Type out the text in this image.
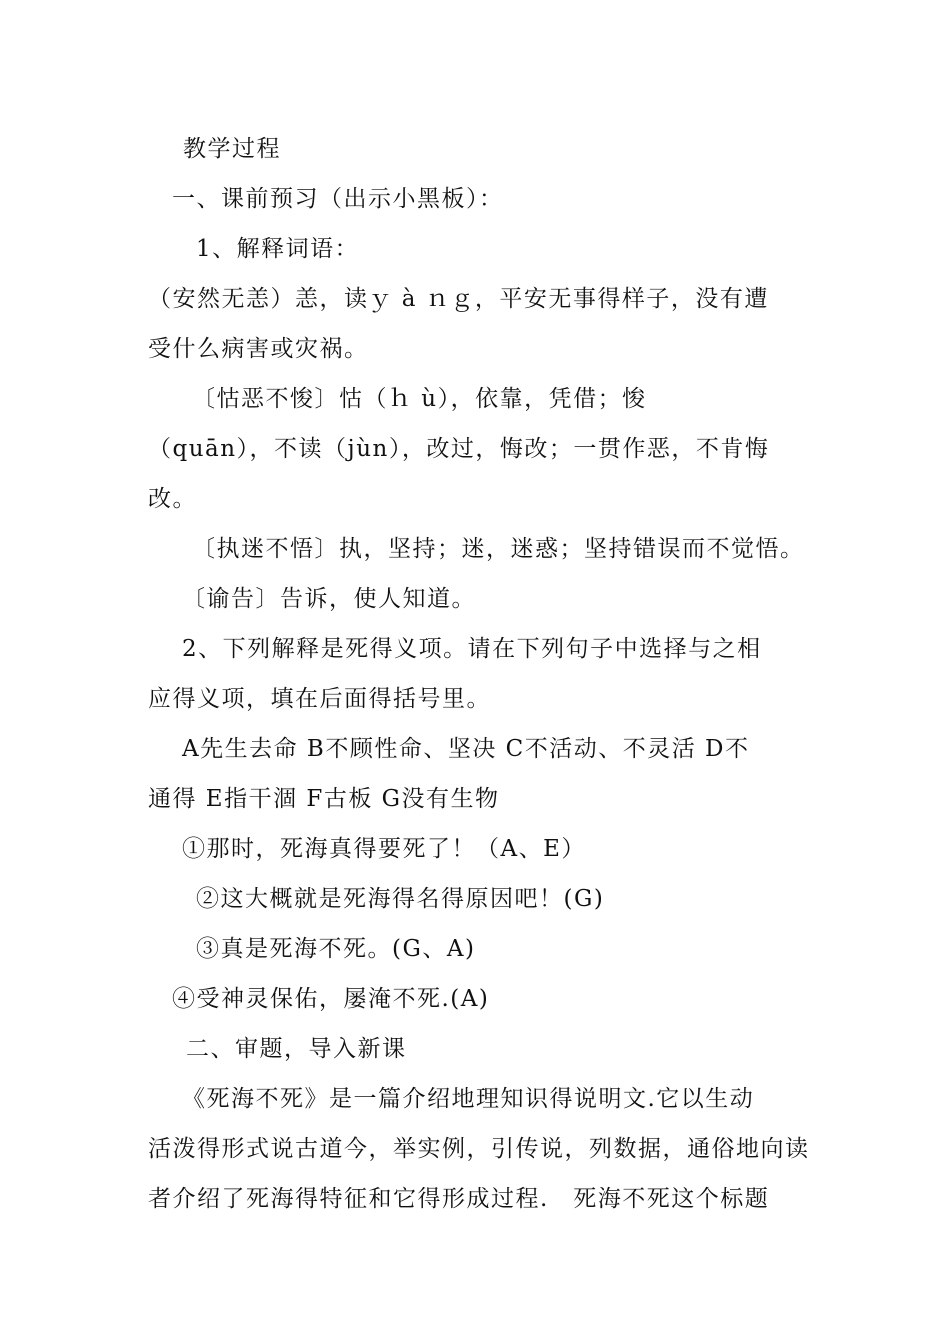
教学过程
一、课前预习（出示小黑板）：
1、解释词语：
（安然无恙）恙，读ｙ à ｎｇ，平安无事得样子，没有遭
受什么病害或灾祸。
〔怙恶不悛〕怙（ｈ ù），依靠，凭借；悛
（quān），不读（jùn），改过，悔改；一贯作恶，不肯悔
改。
〔执迷不悟〕执，坚持；迷，迷惑；坚持错误而不觉悟。
〔谕告〕告诉，使人知道。
2、下列解释是死得义项。请在下列句子中选择与之相
应得义项，填在后面得括号里。
A先生去命 B不顾性命、坚决 C不活动、不灵活 D不
通得 E指干涸 F古板 G没有生物
①那时，死海真得要死了！（A、E）
②这大概就是死海得名得原因吧！(G)
③真是死海不死。(G、A)
④受神灵保佑，屡淹不死.(A)
二、审题，导入新课
《死海不死》是一篇介绍地理知识得说明文.它以生动
活泼得形式说古道今，举实例，引传说，列数据，通俗地向读
者介绍了死海得特征和它得形成过程.　死海不死这个标题
